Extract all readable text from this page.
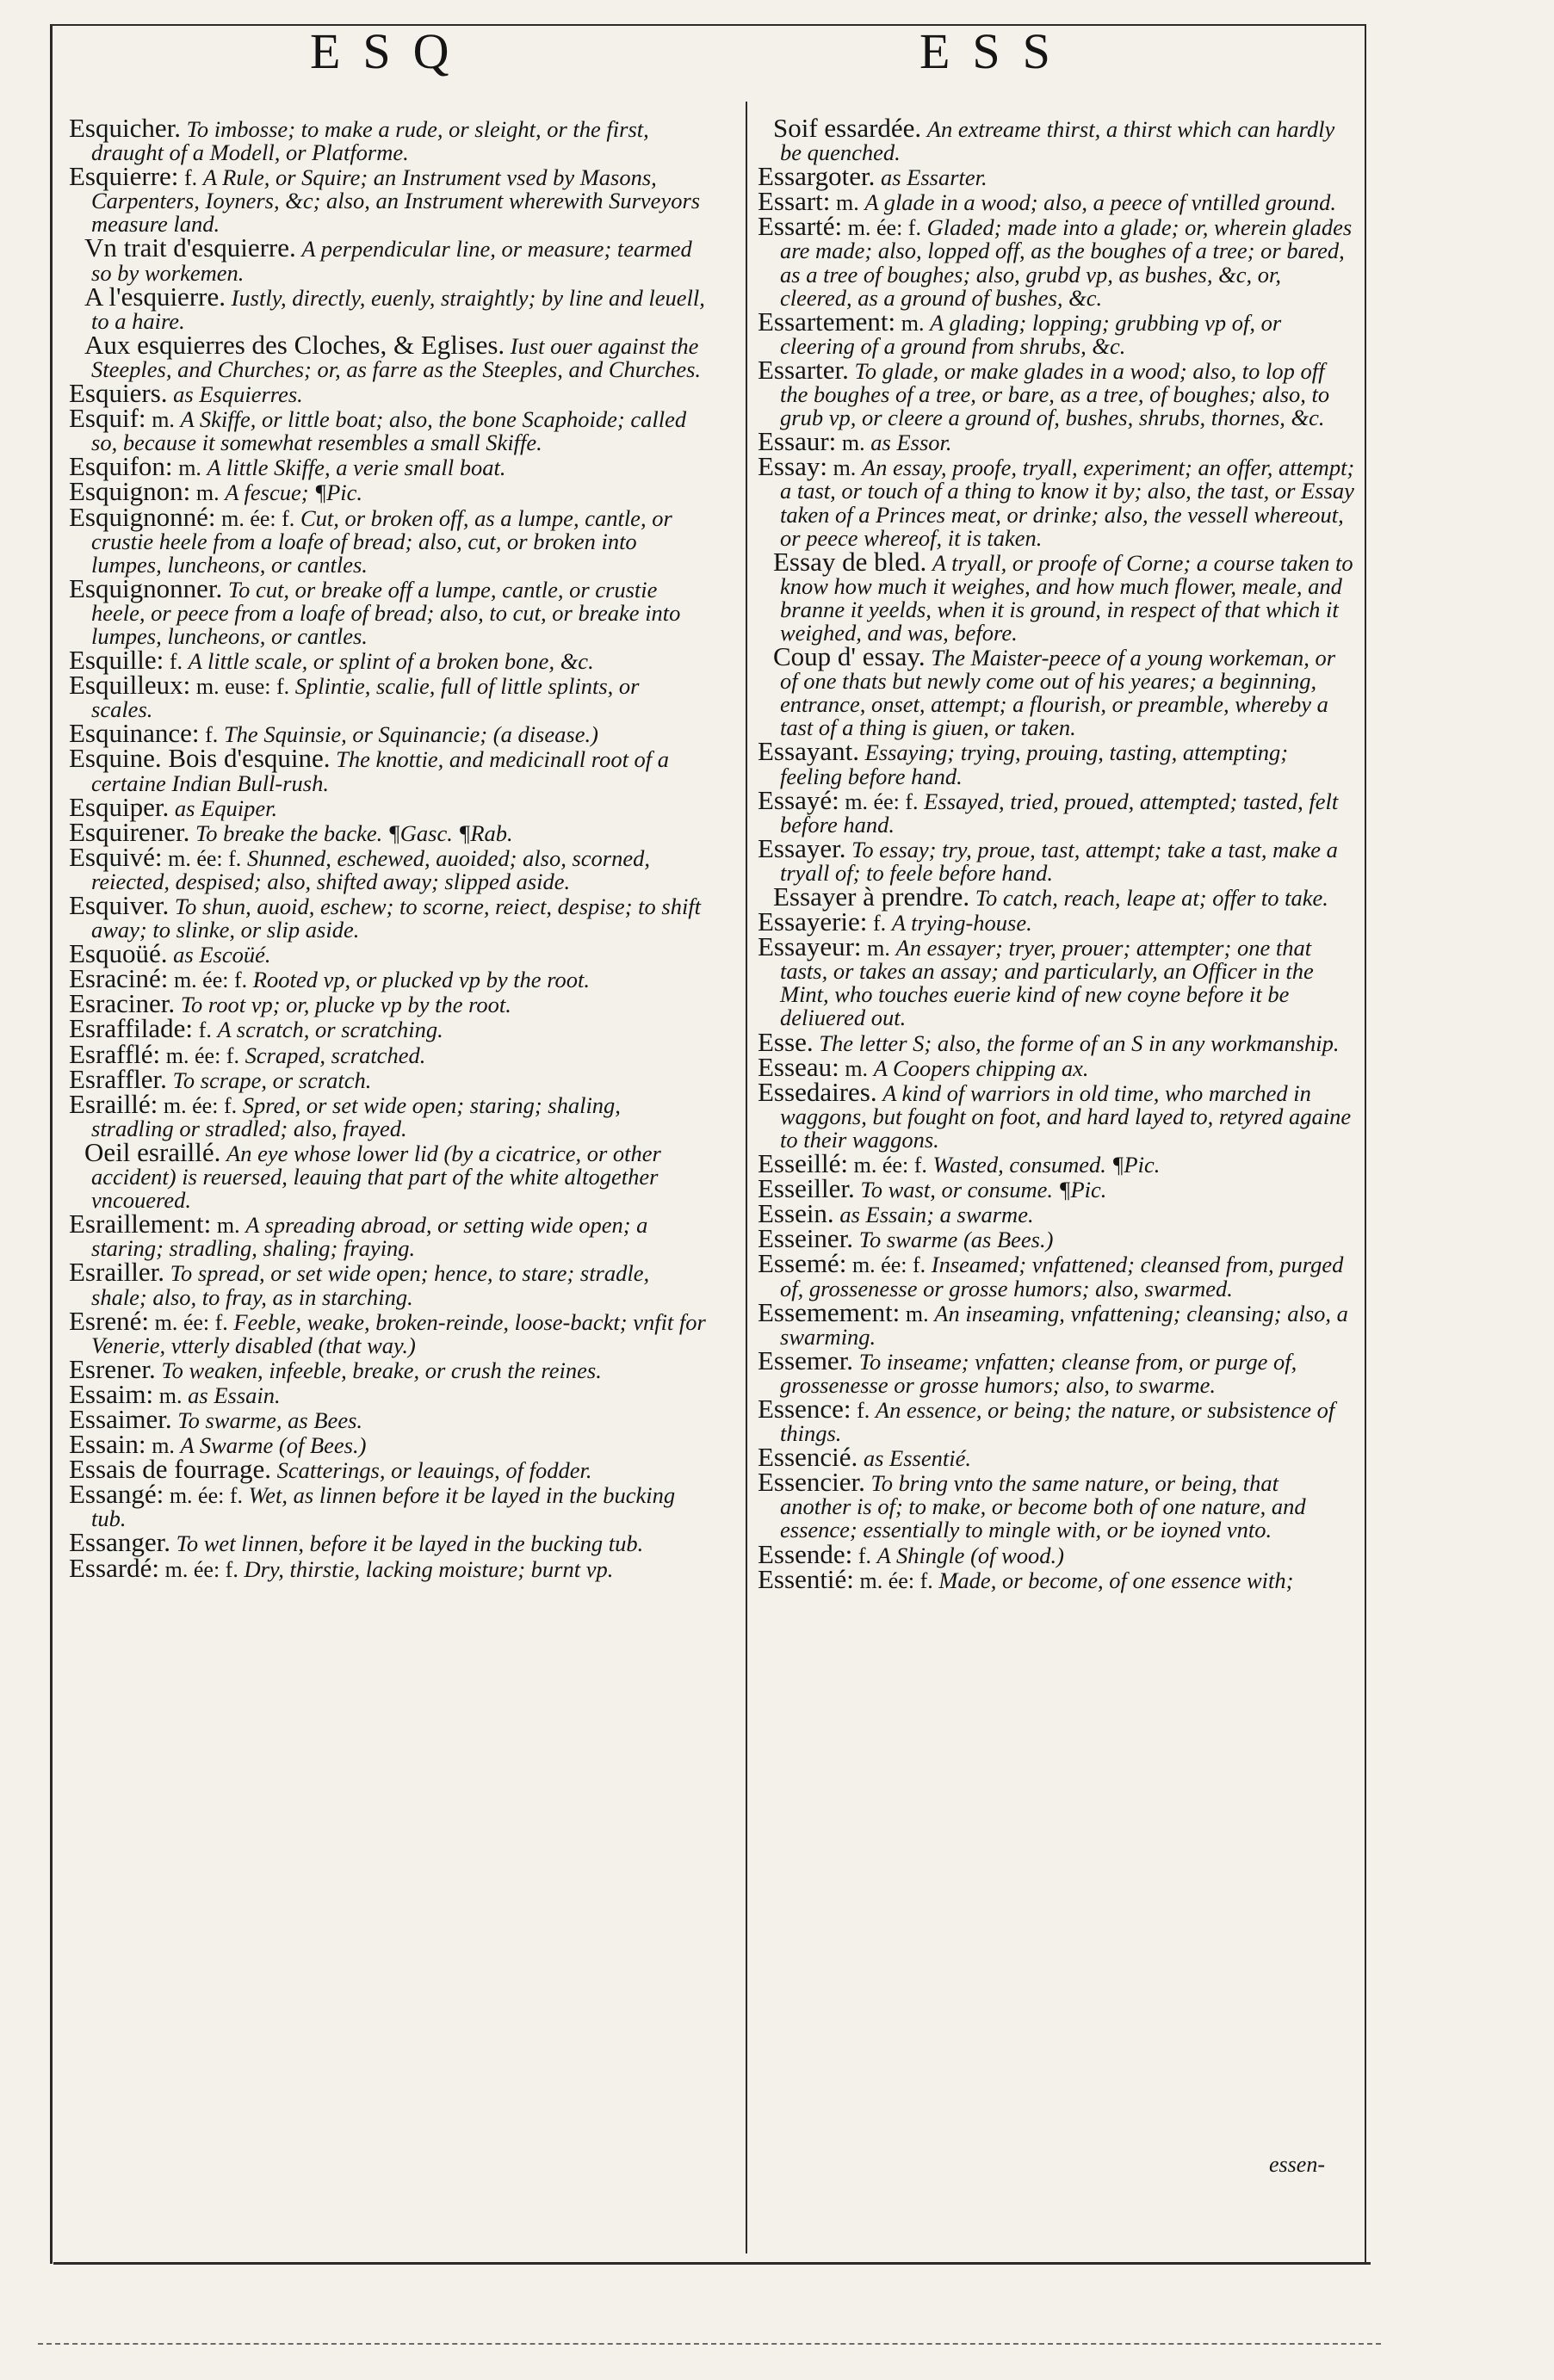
ESQ	ESS
Esquicher. To imbosse; to make a rude, or sleight, or the first, draught of a Modell, or Platforme.
Esquierre: f. A Rule, or Squire; an Instrument vsed by Masons, Carpenters, Ioyners, &c; also, an Instrument wherewith Surveyors measure land.
Vn trait d'esquierre. A perpendicular line, or measure; tearmed so by workemen.
A l'esquierre. Iustly, directly, euenly, straightly; by line and leuell, to a haire.
Aux esquierres des Cloches, & Eglises. Iust ouer against the Steeples, and Churches; or, as farre as the Steeples, and Churches.
Esquiers. as Esquierres.
Esquif: m. A Skiffe, or little boat; also, the bone Scaphoide; called so, because it somewhat resembles a small Skiffe.
Esquifon: m. A little Skiffe, a verie small boat.
Esquignon: m. A fescue; ¶Pic.
Esquignonné: m. ée: f. Cut, or broken off, as a lumpe, cantle, or crustie heele from a loafe of bread; also, cut, or broken into lumpes, luncheons, or cantles.
Esquignonner. To cut, or breake off a lumpe, cantle, or crustie heele, or peece from a loafe of bread; also, to cut, or breake into lumpes, luncheons, or cantles.
Esquille: f. A little scale, or splint of a broken bone, &c.
Esquilleux: m. euse: f. Splintie, scalie, full of little splints, or scales.
Esquinance: f. The Squinsie, or Squinancie; (a disease.)
Esquine. Bois d'esquine. The knottie, and medicinall root of a certaine Indian Bull-rush.
Esquiper. as Equiper.
Esquirener. To breake the backe. ¶Gasc. ¶Rab.
Esquivé: m. ée: f. Shunned, eschewed, auoided; also, scorned, reiected, despised; also, shifted away; slipped aside.
Esquiver. To shun, auoid, eschew; to scorne, reiect, despise; to shift away; to slinke, or slip aside.
Esquoüé. as Escoüé.
Esraciné: m. ée: f. Rooted vp, or plucked vp by the root.
Esraciner. To root vp; or, plucke vp by the root.
Esraffilade: f. A scratch, or scratching.
Esrafflé: m. ée: f. Scraped, scratched.
Esraffler. To scrape, or scratch.
Esraillé: m. ée: f. Spred, or set wide open; staring; shaling, stradling or stradled; also, frayed.
Oeil esraillé. An eye whose lower lid (by a cicatrice, or other accident) is reuersed, leauing that part of the white altogether vncouered.
Esraillement: m. A spreading abroad, or setting wide open; a staring; stradling, shaling; fraying.
Esrailler. To spread, or set wide open; hence, to stare; stradle, shale; also, to fray, as in starching.
Esrené: m. ée: f. Feeble, weake, broken-reinde, loose-backt; vnfit for Venerie, vtterly disabled (that way.)
Esrener. To weaken, infeeble, breake, or crush the reines.
Essaim: m. as Essain.
Essaimer. To swarme, as Bees.
Essain: m. A Swarme (of Bees.)
Essais de fourrage. Scatterings, or leauings, of fodder.
Essangé: m. ée: f. Wet, as linnen before it be layed in the bucking tub.
Essanger. To wet linnen, before it be layed in the bucking tub.
Essardé: m. ée: f. Dry, thirstie, lacking moisture; burnt vp.
Soif essardée. An extreame thirst, a thirst which can hardly be quenched.
Essargoter. as Essarter.
Essart: m. A glade in a wood; also, a peece of vntilled ground.
Essarté: m. ée: f. Gladed; made into a glade; or, wherein glades are made; also, lopped off, as the boughes of a tree; or bared, as a tree of boughes; also, grubd vp, as bushes, &c, or, cleered, as a ground of bushes, &c.
Essartement: m. A glading; lopping; grubbing vp of, or cleering of a ground from shrubs, &c.
Essarter. To glade, or make glades in a wood; also, to lop off the boughes of a tree, or bare, as a tree, of boughes; also, to grub vp, or cleere a ground of, bushes, shrubs, thornes, &c.
Essaur: m. as Essor.
Essay: m. An essay, proofe, tryall, experiment; an offer, attempt; a tast, or touch of a thing to know it by; also, the tast, or Essay taken of a Princes meat, or drinke; also, the vessell whereout, or peece whereof, it is taken.
Essay de bled. A tryall, or proofe of Corne; a course taken to know how much it weighes, and how much flower, meale, and branne it yeelds, when it is ground, in respect of that which it weighed, and was, before.
Coup d' essay. The Maister-peece of a young workeman, or of one thats but newly come out of his yeares; a beginning, entrance, onset, attempt; a flourish, or preamble, whereby a tast of a thing is giuen, or taken.
Essayant. Essaying; trying, prouing, tasting, attempting; feeling before hand.
Essayé: m. ée: f. Essayed, tried, proued, attempted; tasted, felt before hand.
Essayer. To essay; try, proue, tast, attempt; take a tast, make a tryall of; to feele before hand.
Essayer à prendre. To catch, reach, leape at; offer to take.
Essayerie: f. A trying-house.
Essayeur: m. An essayer; tryer, prouer; attempter; one that tasts, or takes an assay; and particularly, an Officer in the Mint, who touches euerie kind of new coyne before it be deliuered out.
Esse. The letter S; also, the forme of an S in any workmanship.
Esseau: m. A Coopers chipping ax.
Essedaires. A kind of warriors in old time, who marched in waggons, but fought on foot, and hard layed to, retyred againe to their waggons.
Esseillé: m. ée: f. Wasted, consumed. ¶Pic.
Esseiller. To wast, or consume. ¶Pic.
Essein. as Essain; a swarme.
Esseiner. To swarme (as Bees.)
Essemé: m. ée: f. Inseamed; vnfattened; cleansed from, purged of, grossenesse or grosse humors; also, swarmed.
Essemement: m. An inseaming, vnfattening; cleansing; also, a swarming.
Essemer. To inseame; vnfatten; cleanse from, or purge of, grossenesse or grosse humors; also, to swarme.
Essence: f. An essence, or being; the nature, or subsistence of things.
Essencié. as Essentié.
Essencier. To bring vnto the same nature, or being, that another is of; to make, or become both of one nature, and essence; essentially to mingle with, or be ioyned vnto.
Essende: f. A Shingle (of wood.)
Essentié: m. ée: f. Made, or become, of one essence with;
essen-
